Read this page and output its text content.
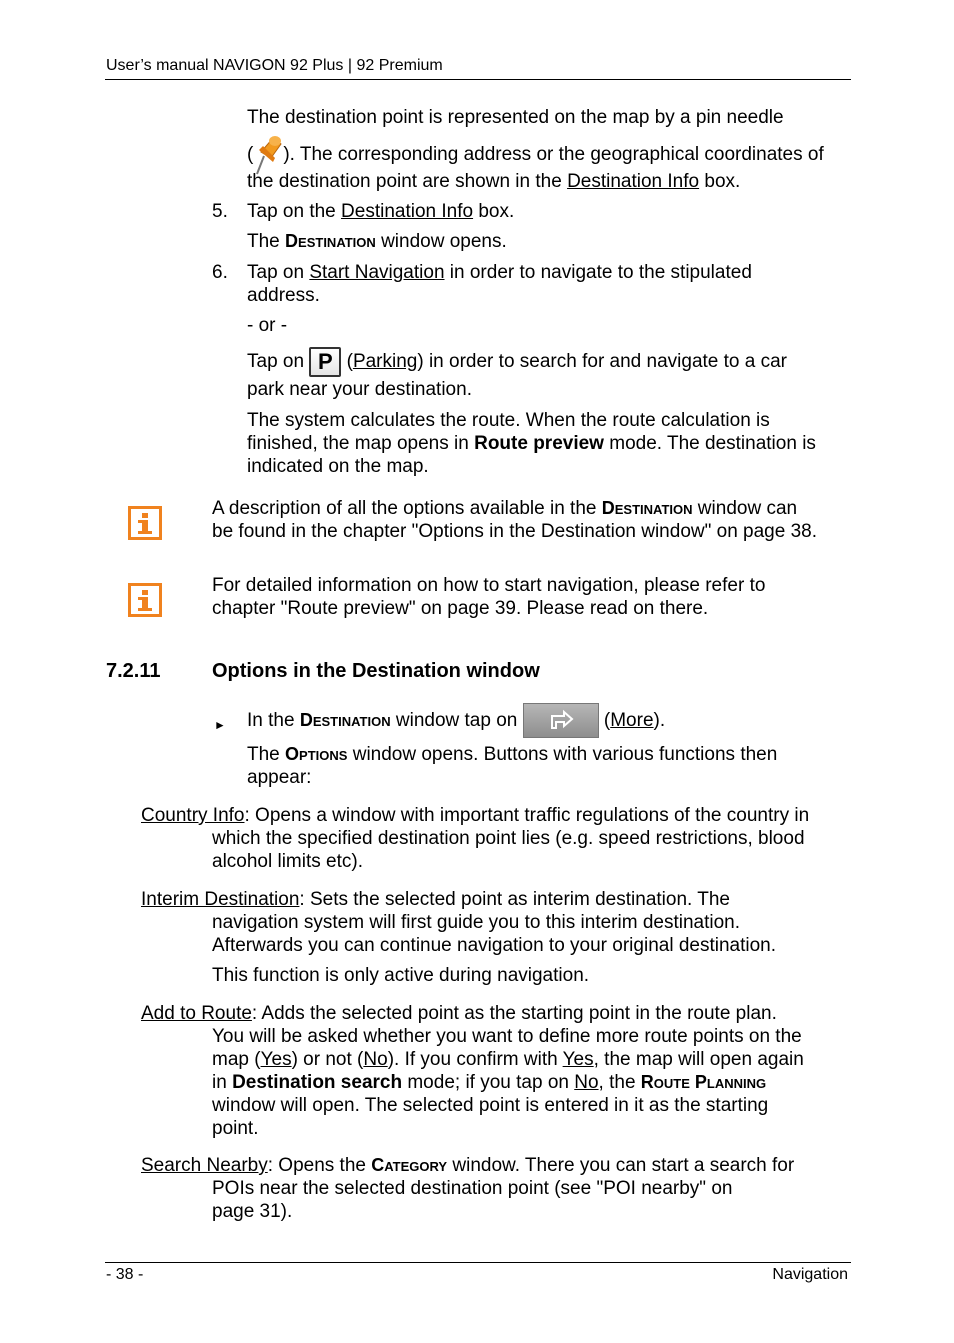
User’s manual NAVIGON 92 Plus | 92 Premium
The destination point is represented on the map by a pin needle
( ). The corresponding address or the geographical coordinates of
the destination point are shown in the Destination Info box.
5. Tap on the Destination Info box.
The Destination window opens.
6. Tap on Start Navigation in order to navigate to the stipulated
address.
- or -
Tap on P (Parking) in order to search for and navigate to a car
park near your destination.
The system calculates the route. When the route calculation is
finished, the map opens in Route preview mode. The destination is
indicated on the map.
A description of all the options available in the Destination window can
be found in the chapter "Options in the Destination window" on page 38.
For detailed information on how to start navigation, please refer to
chapter "Route preview" on page 39. Please read on there.
7.2.11	Options in the Destination window
► In the Destination window tap on	(More).
The Options window opens. Buttons with various functions then
appear:
Country Info: Opens a window with important traffic regulations of the country in
which the specified destination point lies (e.g. speed restrictions, blood
alcohol limits etc).
Interim Destination: Sets the selected point as interim destination. The
navigation system will first guide you to this interim destination.
Afterwards you can continue navigation to your original destination.
This function is only active during navigation.
Add to Route: Adds the selected point as the starting point in the route plan.
You will be asked whether you want to define more route points on the
map (Yes) or not (No). If you confirm with Yes, the map will open again
in Destination search mode; if you tap on No, the Route Planning
window will open. The selected point is entered in it as the starting
point.
Search Nearby: Opens the Category window. There you can start a search for
POIs near the selected destination point (see "POI nearby" on
page 31).
- 38 -	Navigation
